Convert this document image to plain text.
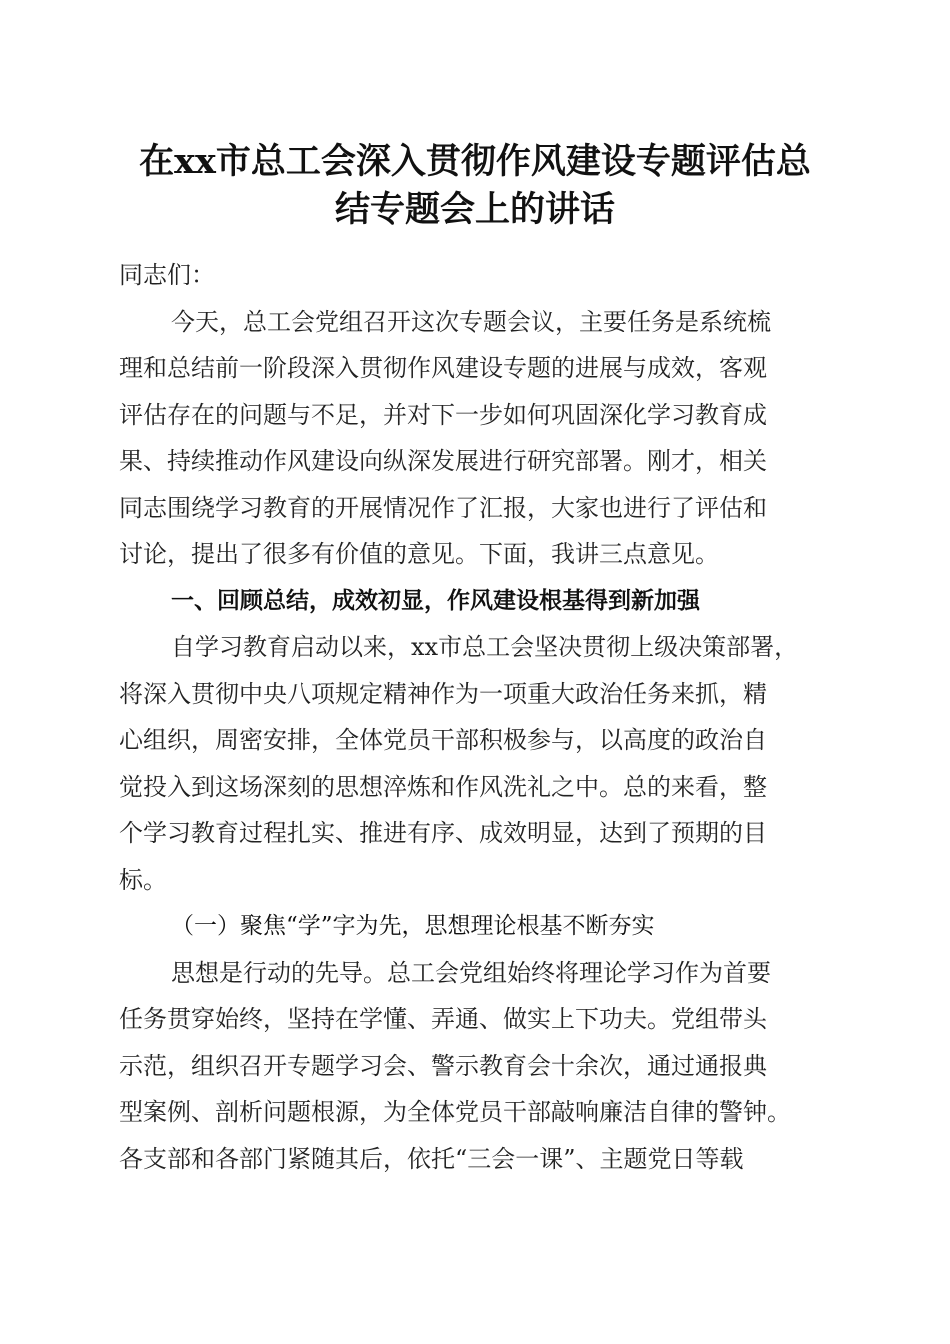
在xx市总工会深入贯彻作风建设专题评估总
结专题会上的讲话
同志们：
今天，总工会党组召开这次专题会议，主要任务是系统梳
理和总结前一阶段深入贯彻作风建设专题的进展与成效，客观
评估存在的问题与不足，并对下一步如何巩固深化学习教育成
果、持续推动作风建设向纵深发展进行研究部署。刚才，相关
同志围绕学习教育的开展情况作了汇报，大家也进行了评估和
讨论，提出了很多有价值的意见。下面，我讲三点意见。
一、回顾总结，成效初显，作风建设根基得到新加强
自学习教育启动以来，xx市总工会坚决贯彻上级决策部署，
将深入贯彻中央八项规定精神作为一项重大政治任务来抓，精
心组织，周密安排，全体党员干部积极参与，以高度的政治自
觉投入到这场深刻的思想淬炼和作风洗礼之中。总的来看，整
个学习教育过程扎实、推进有序、成效明显，达到了预期的目
标。
（一）聚焦“学”字为先，思想理论根基不断夯实
思想是行动的先导。总工会党组始终将理论学习作为首要
任务贯穿始终，坚持在学懂、弄通、做实上下功夫。党组带头
示范，组织召开专题学习会、警示教育会十余次，通过通报典
型案例、剖析问题根源，为全体党员干部敲响廉洁自律的警钟。
各支部和各部门紧随其后，依托“三会一课”、主题党日等载
